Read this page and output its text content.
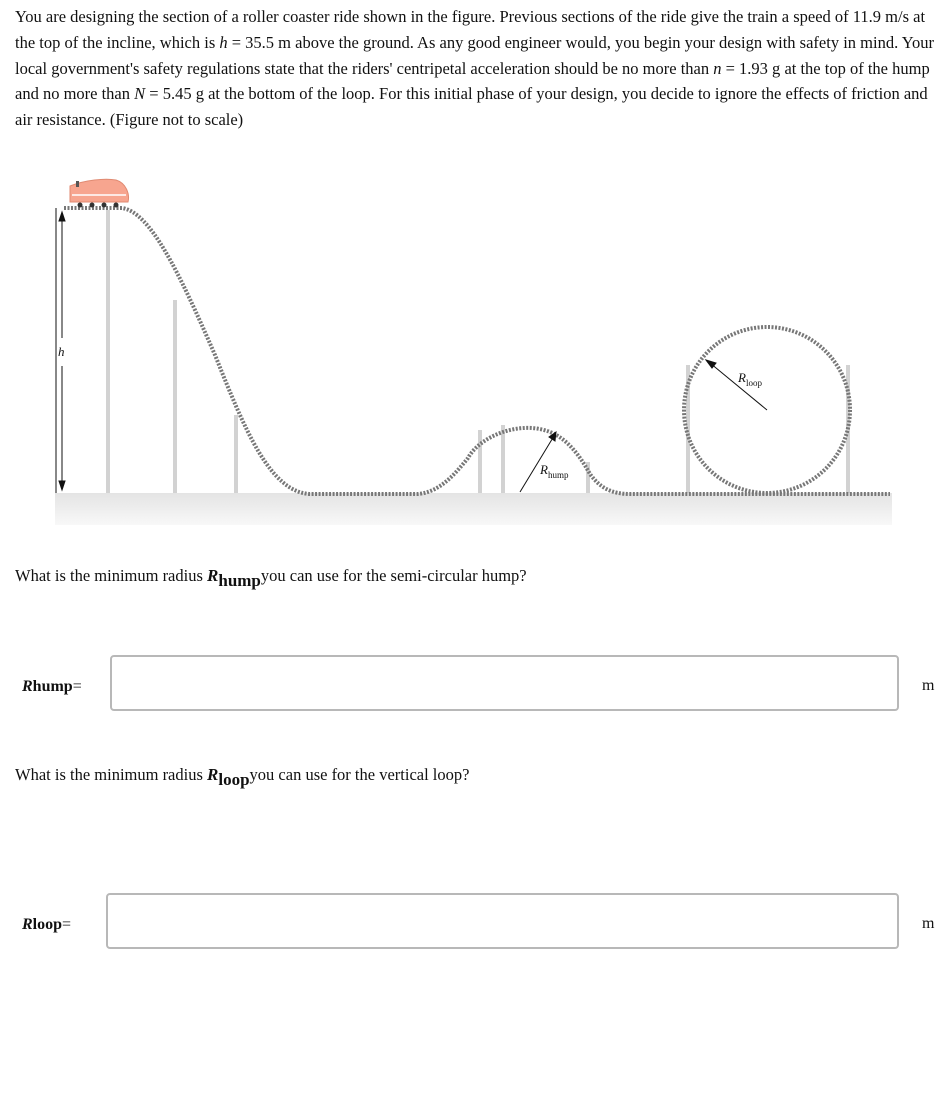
You are designing the section of a roller coaster ride shown in the figure. Previous sections of the ride give the train a speed of 11.9 m/s at the top of the incline, which is h = 35.5 m above the ground. As any good engineer would, you begin your design with safety in mind. Your local government's safety regulations state that the riders' centripetal acceleration should be no more than n = 1.93 g at the top of the hump and no more than N = 5.45 g at the bottom of the loop. For this initial phase of your design, you decide to ignore the effects of friction and air resistance. (Figure not to scale)

h
$R_{hump}$
$R_{loop}$

What is the minimum radius Rhumpyou can use for the semi-circular hump?

Rhump=	m

What is the minimum radius Rloopyou can use for the vertical loop?

Rloop=	m
